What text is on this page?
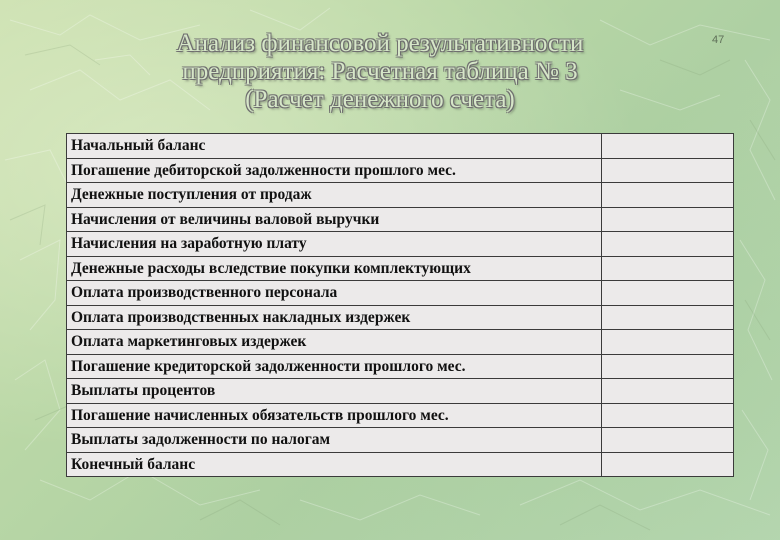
Анализ финансовой результативности
предприятия: Расчетная таблица № 3
(Расчет денежного счета)
47
Начальный баланс	
Погашение дебиторской задолженности прошлого мес.	
Денежные поступления от продаж	
Начисления от величины валовой выручки	
Начисления на заработную плату	
Денежные расходы вследствие покупки комплектующих	
Оплата производственного персонала	
Оплата производственных накладных издержек	
Оплата маркетинговых издержек	
Погашение кредиторской задолженности прошлого мес.	
Выплаты процентов	
Погашение начисленных обязательств прошлого мес.	
Выплаты задолженности по налогам	
Конечный баланс	
